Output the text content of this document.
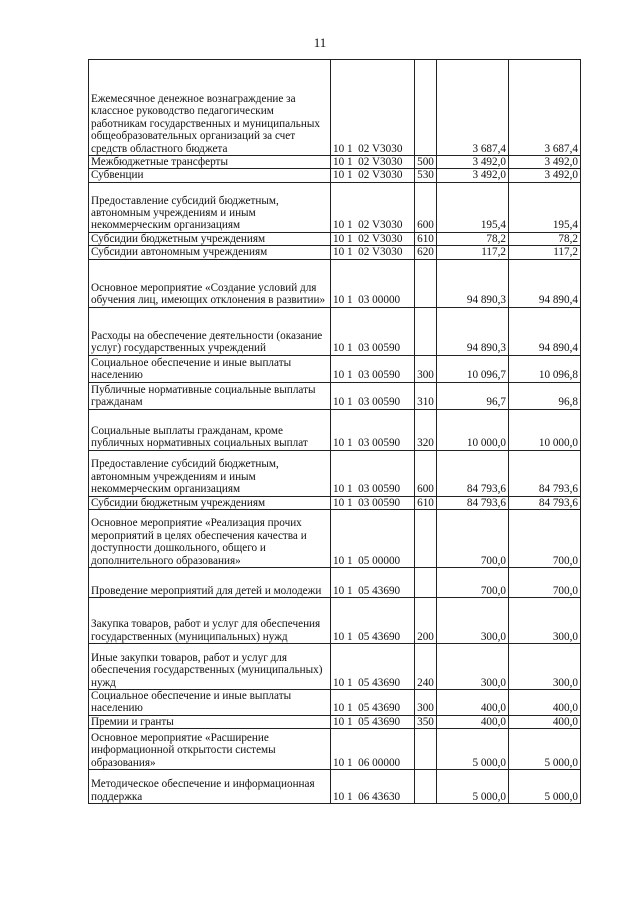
11
Ежемесячное денежное вознаграждение за классное руководство педагогическим работникам государственных и муниципальных общеобразовательных организаций за счет средств областного бюджета	10 1  02 V3030		3 687,4	3 687,4
Межбюджетные трансферты	10 1  02 V3030	500	3 492,0	3 492,0
Субвенции	10 1  02 V3030	530	3 492,0	3 492,0
Предоставление субсидий бюджетным, автономным учреждениям и иным некоммерческим организациям	10 1  02 V3030	600	195,4	195,4
Субсидии бюджетным учреждениям	10 1  02 V3030	610	78,2	78,2
Субсидии автономным учреждениям	10 1  02 V3030	620	117,2	117,2
Основное мероприятие «Создание условий для обучения лиц, имеющих отклонения в развитии»	10 1  03 00000		94 890,3	94 890,4
Расходы на обеспечение деятельности (оказание услуг) государственных учреждений	10 1  03 00590		94 890,3	94 890,4
Социальное обеспечение и иные выплаты населению	10 1  03 00590	300	10 096,7	10 096,8
Публичные нормативные социальные выплаты гражданам	10 1  03 00590	310	96,7	96,8
Социальные выплаты гражданам, кроме публичных нормативных социальных выплат	10 1  03 00590	320	10 000,0	10 000,0
Предоставление субсидий бюджетным, автономным учреждениям и иным некоммерческим организациям	10 1  03 00590	600	84 793,6	84 793,6
Субсидии бюджетным учреждениям	10 1  03 00590	610	84 793,6	84 793,6
Основное мероприятие «Реализация прочих мероприятий в целях обеспечения качества и доступности дошкольного, общего и дополнительного образования»	10 1  05 00000		700,0	700,0
Проведение мероприятий для детей и молодежи	10 1  05 43690		700,0	700,0
Закупка товаров, работ и услуг для обеспечения государственных (муниципальных) нужд	10 1  05 43690	200	300,0	300,0
Иные закупки товаров, работ и услуг для обеспечения государственных (муниципальных) нужд	10 1  05 43690	240	300,0	300,0
Социальное обеспечение и иные выплаты населению	10 1  05 43690	300	400,0	400,0
Премии и гранты	10 1  05 43690	350	400,0	400,0
Основное мероприятие «Расширение информационной открытости системы образования»	10 1  06 00000		5 000,0	5 000,0
Методическое обеспечение и информационная поддержка	10 1  06 43630		5 000,0	5 000,0
